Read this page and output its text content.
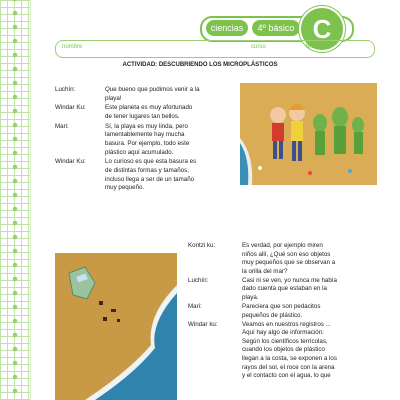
ciencias	4º básico C
nombre	curso	fecha
ACTIVIDAD: DESCUBRIENDO LOS MICROPLÁSTICOS
Luchín:	Que bueno que pudimos venir a la
playa!
Windar Ku:	Este planeta es muy afortunado
de tener lugares tan bellos.
Mari:	Sí, la playa es muy linda, pero
lamentablemente hay mucha
basura. Por ejemplo, todo este
plástico aquí acumulado.
Windar Ku:	Lo curioso es que esta basura es
de distintas formas y tamaños,
incluso llega a ser de un tamaño
muy pequeño.
Kontzi ku:	Es verdad, por ejemplo miren
niños allí, ¿Qué son eso objetos
muy pequeños que se observan a
la orilla del mar?
Luchín:	Casi ni se ven, yo nunca me había
dado cuenta que estaban en la
playa.
Mari:	Pareciera que son pedacitos
pequeños de plástico.
Windar ku:	Veamos en nuestros registros ...
Aquí hay algo de información:
Según los científicos terrícolas,
cuando los objetos de plástico
llegan a la costa, se exponen a los
rayos del sol, el roce con la arena
y el contacto con el agua, lo que
